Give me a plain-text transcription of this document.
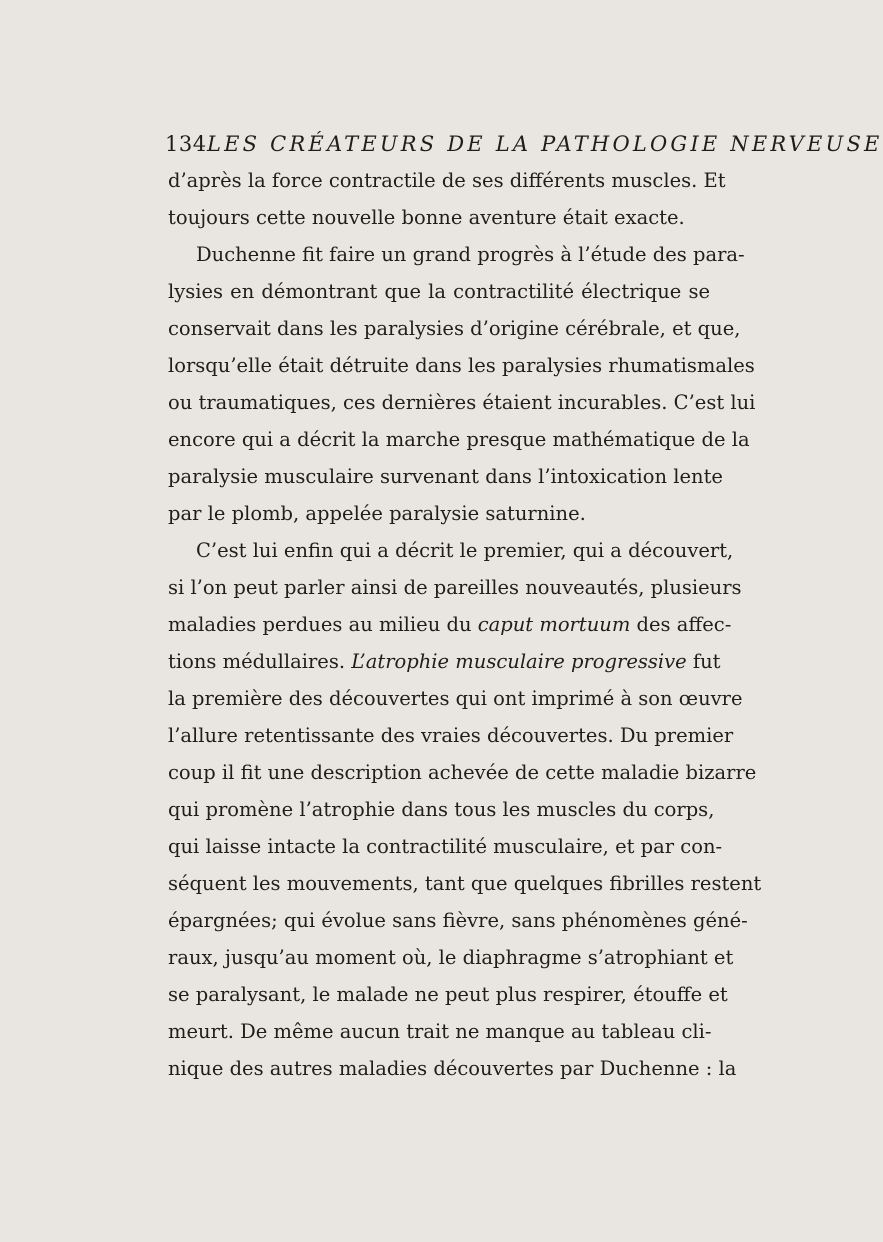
134 LES CRÉATEURS DE LA PATHOLOGIE NERVEUSE
d’après la force contractile de ses différents muscles. Et
toujours cette nouvelle bonne aventure était exacte.
Duchenne fit faire un grand progrès à l’étude des para-
lysies en démontrant que la contractilité électrique se
conservait dans les paralysies d’origine cérébrale, et que,
lorsqu’elle était détruite dans les paralysies rhumatismales
ou traumatiques, ces dernières étaient incurables. C’est lui
encore qui a décrit la marche presque mathématique de la
paralysie musculaire survenant dans l’intoxication lente
par le plomb, appelée paralysie saturnine.
C’est lui enfin qui a décrit le premier, qui a découvert,
si l’on peut parler ainsi de pareilles nouveautés, plusieurs
maladies perdues au milieu du caput mortuum des affec-
tions médullaires. L’atrophie musculaire progressive fut
la première des découvertes qui ont imprimé à son œuvre
l’allure retentissante des vraies découvertes. Du premier
coup il fit une description achevée de cette maladie bizarre
qui promène l’atrophie dans tous les muscles du corps,
qui laisse intacte la contractilité musculaire, et par con-
séquent les mouvements, tant que quelques fibrilles restent
épargnées; qui évolue sans fièvre, sans phénomènes géné-
raux, jusqu’au moment où, le diaphragme s’atrophiant et
se paralysant, le malade ne peut plus respirer, étouffe et
meurt. De même aucun trait ne manque au tableau cli-
nique des autres maladies découvertes par Duchenne : la
